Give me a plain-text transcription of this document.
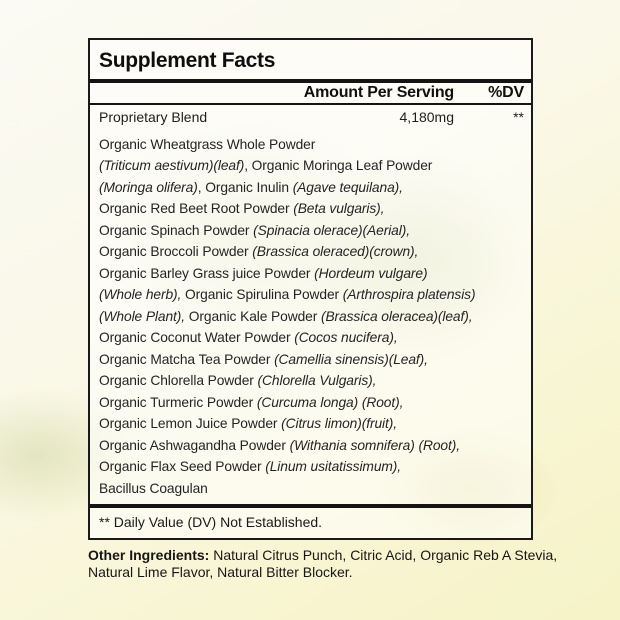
Supplement Facts
Amount Per Serving	%DV
Proprietary Blend	4,180mg	**
Organic Wheatgrass Whole Powder
(Triticum aestivum)(leaf), Organic Moringa Leaf Powder
(Moringa olifera), Organic Inulin (Agave tequilana),
Organic Red Beet Root Powder (Beta vulgaris),
Organic Spinach Powder (Spinacia olerace)(Aerial),
Organic Broccoli Powder (Brassica oleraced)(crown),
Organic Barley Grass juice Powder (Hordeum vulgare)
(Whole herb), Organic Spirulina Powder (Arthrospira platensis)
(Whole Plant), Organic Kale Powder (Brassica oleracea)(leaf),
Organic Coconut Water Powder (Cocos nucifera),
Organic Matcha Tea Powder (Camellia sinensis)(Leaf),
Organic Chlorella Powder (Chlorella Vulgaris),
Organic Turmeric Powder (Curcuma longa) (Root),
Organic Lemon Juice Powder (Citrus limon)(fruit),
Organic Ashwagandha Powder (Withania somnifera) (Root),
Organic Flax Seed Powder (Linum usitatissimum),
Bacillus Coagulan
** Daily Value (DV) Not Established.
Other Ingredients: Natural Citrus Punch, Citric Acid, Organic Reb A Stevia, Natural Lime Flavor, Natural Bitter Blocker.
